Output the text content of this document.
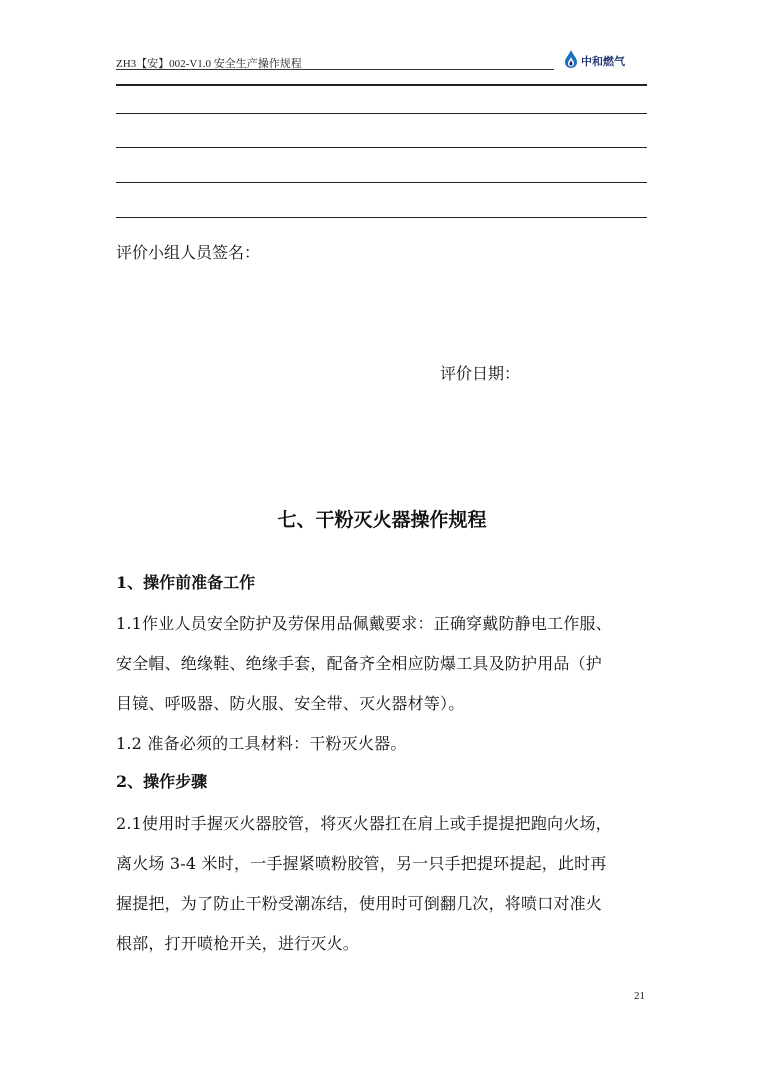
ZH3【安】002-V1.0 安全生产操作规程	中和燃气
评价小组人员签名：
评价日期：
七、干粉灭火器操作规程
1、操作前准备工作
1.1作业人员安全防护及劳保用品佩戴要求：正确穿戴防静电工作服、
安全帽、绝缘鞋、绝缘手套，配备齐全相应防爆工具及防护用品（护
目镜、呼吸器、防火服、安全带、灭火器材等）。
1.2 准备必须的工具材料：干粉灭火器。
2、操作步骤
2.1使用时手握灭火器胶管，将灭火器扛在肩上或手提提把跑向火场，
离火场 3-4 米时，一手握紧喷粉胶管，另一只手把提环提起，此时再
握提把，为了防止干粉受潮冻结，使用时可倒翻几次，将喷口对准火
根部，打开喷枪开关，进行灭火。
21
